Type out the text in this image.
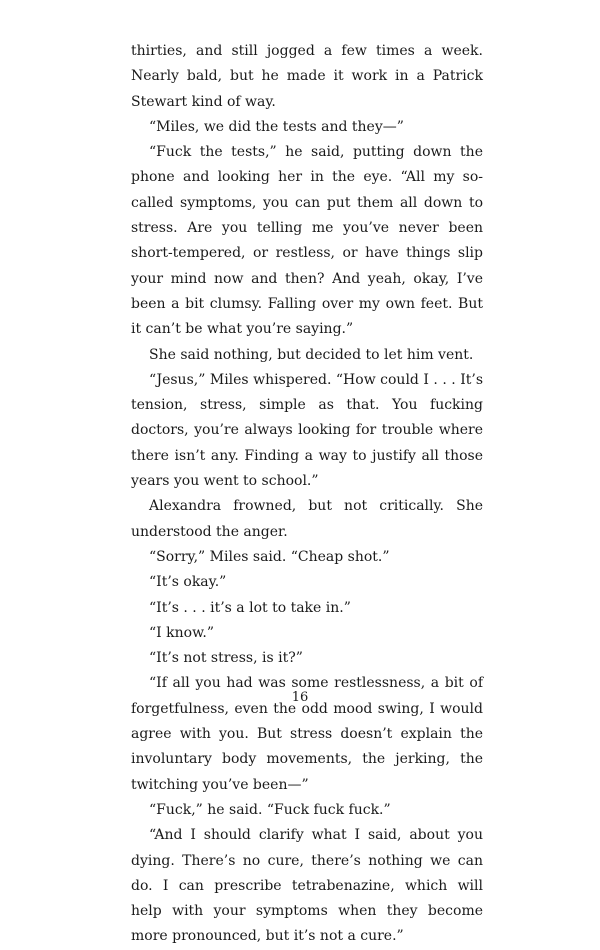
thirties, and still jogged a few times a week. Nearly bald, but he made it work in a Patrick Stewart kind of way.

“Miles, we did the tests and they—”

“Fuck the tests,” he said, putting down the phone and looking her in the eye. “All my so-called symptoms, you can put them all down to stress. Are you telling me you’ve never been short-tempered, or restless, or have things slip your mind now and then? And yeah, okay, I’ve been a bit clumsy. Falling over my own feet. But it can’t be what you’re saying.”

She said nothing, but decided to let him vent.

“Jesus,” Miles whispered. “How could I . . . It’s tension, stress, simple as that. You fucking doctors, you’re always looking for trouble where there isn’t any. Finding a way to justify all those years you went to school.”

Alexandra frowned, but not critically. She understood the anger.

“Sorry,” Miles said. “Cheap shot.”

“It’s okay.”

“It’s . . . it’s a lot to take in.”

“I know.”

“It’s not stress, is it?”

“If all you had was some restlessness, a bit of forgetfulness, even the odd mood swing, I would agree with you. But stress doesn’t explain the involuntary body movements, the jerking, the twitching you’ve been—”

“Fuck,” he said. “Fuck fuck fuck.”

“And I should clarify what I said, about you dying. There’s no cure, there’s nothing we can do. I can prescribe tetrabenazine, which will help with your symptoms when they become more pronounced, but it’s not a cure.”

16
